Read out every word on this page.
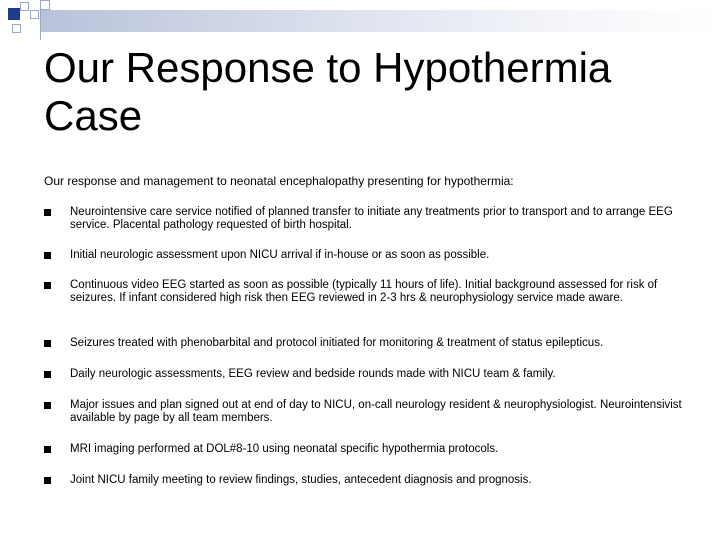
Our Response to Hypothermia Case

Our response and management to neonatal encephalopathy presenting for hypothermia:

Neurointensive care service notified of planned transfer to initiate any treatments prior to transport and to arrange EEG service. Placental pathology requested of birth hospital.

Initial neurologic assessment upon NICU arrival if in-house or as soon as possible.

Continuous video EEG started as soon as possible (typically 11 hours of life). Initial background assessed for risk of seizures. If infant considered high risk then EEG reviewed in 2-3 hrs & neurophysiology service made aware.

Seizures treated with phenobarbital and protocol initiated for monitoring & treatment of status epilepticus.

Daily neurologic assessments, EEG review and bedside rounds made with NICU team & family.

Major issues and plan signed out at end of day to NICU, on-call neurology resident & neurophysiologist. Neurointensivist available by page by all team members.

MRI imaging performed at DOL#8-10 using neonatal specific hypothermia protocols.

Joint NICU family meeting to review findings, studies, antecedent diagnosis and prognosis.
